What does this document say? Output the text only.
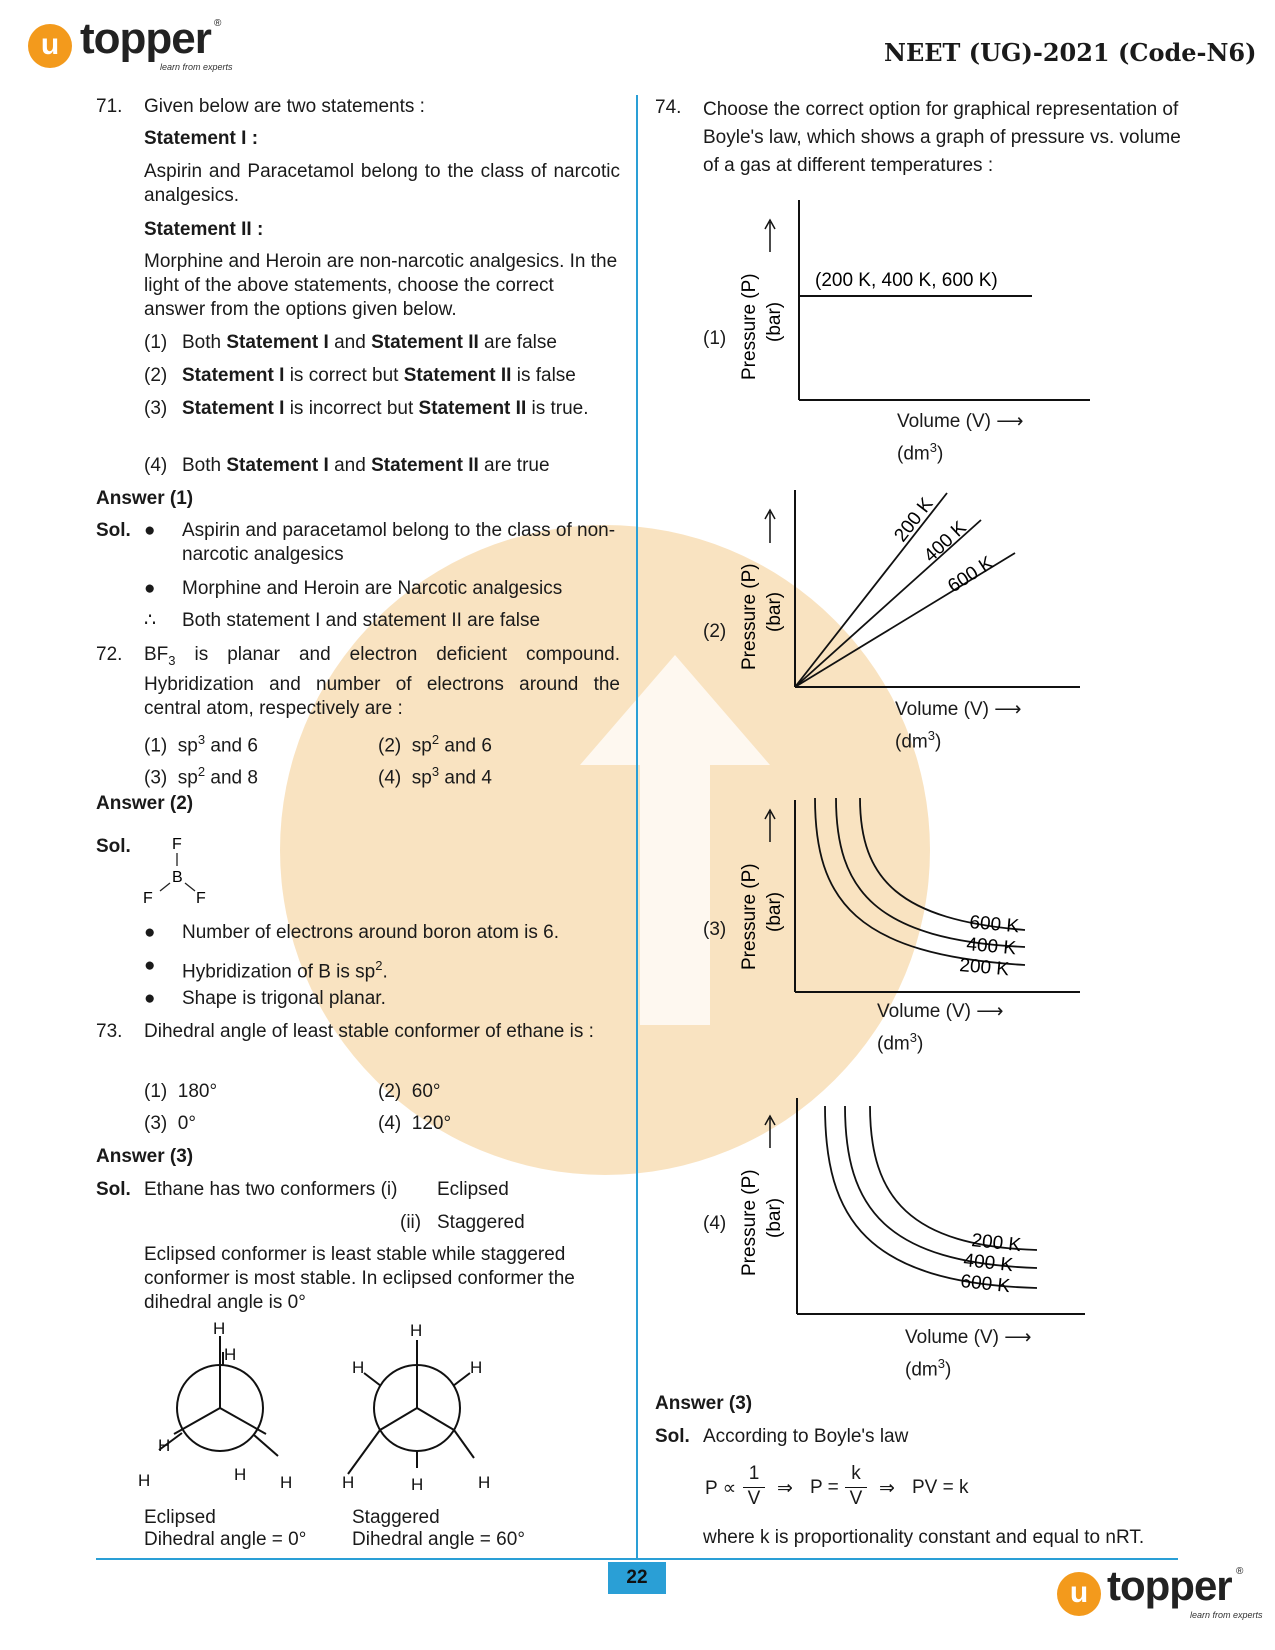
u topper ®
learn from experts	NEET (UG)-2021 (Code-N6)
71. Given below are two statements :
Statement I :
Aspirin and Paracetamol belong to the class of narcotic analgesics.
Statement II :
Morphine and Heroin are non-narcotic analgesics. In the light of the above statements, choose the correct answer from the options given below.
(1) Both Statement I and Statement II are false
(2) Statement I is correct but Statement II is false
(3) Statement I is incorrect but Statement II is true.
(4) Both Statement I and Statement II are true
Answer (1)
Sol. ● Aspirin and paracetamol belong to the class of non-narcotic analgesics
● Morphine and Heroin are Narcotic analgesics
∴ Both statement I and statement II are false
72. $BF_3$ is planar and electron deficient compound. Hybridization and number of electrons around the central atom, respectively are :
(1) $sp^3$ and 6	(2) $sp^2$ and 6
(3) $sp^2$ and 8	(4) $sp^3$ and 4
Answer (2)
Sol.	F
B
F	F
● Number of electrons around boron atom is 6.
● Hybridization of B is $sp^2$.
● Shape is trigonal planar.
73. Dihedral angle of least stable conformer of ethane is :
(1) 180°	(2) 60°
(3) 0°	(4) 120°
Answer (3)
Sol. Ethane has two conformers (i) Eclipsed
(ii) Staggered
Eclipsed conformer is least stable while staggered conformer is most stable. In eclipsed conformer the dihedral angle is 0°
H
H
H
H	H H
H
H	H
H	H	H
Eclipsed
Dihedral angle = 0°
Staggered
Dihedral angle = 60°
74. Choose the correct option for graphical representation of Boyle's law, which shows a graph of pressure vs. volume of a gas at different temperatures :
(1) Pressure (P) (bar)
(200 K, 400 K, 600 K)
Volume (V) ⟶
$(dm^3)$
(2) Pressure (P) (bar)
200 K
400 K
600 K
Volume (V) ⟶
$(dm^3)$
(3) Pressure (P) (bar)	600 K
400 K
200 K
Volume (V) ⟶
$(dm^3)$
(4) Pressure (P) (bar)
200 K
400 K
600 K
Volume (V) ⟶
$(dm^3)$
Answer (3)
Sol. According to Boyle's law
P ∝
1
V ⇒ P =
k
V ⇒ PV = k
where k is proportionality constant and equal to nRT.
22	u topper ®
learn from experts
